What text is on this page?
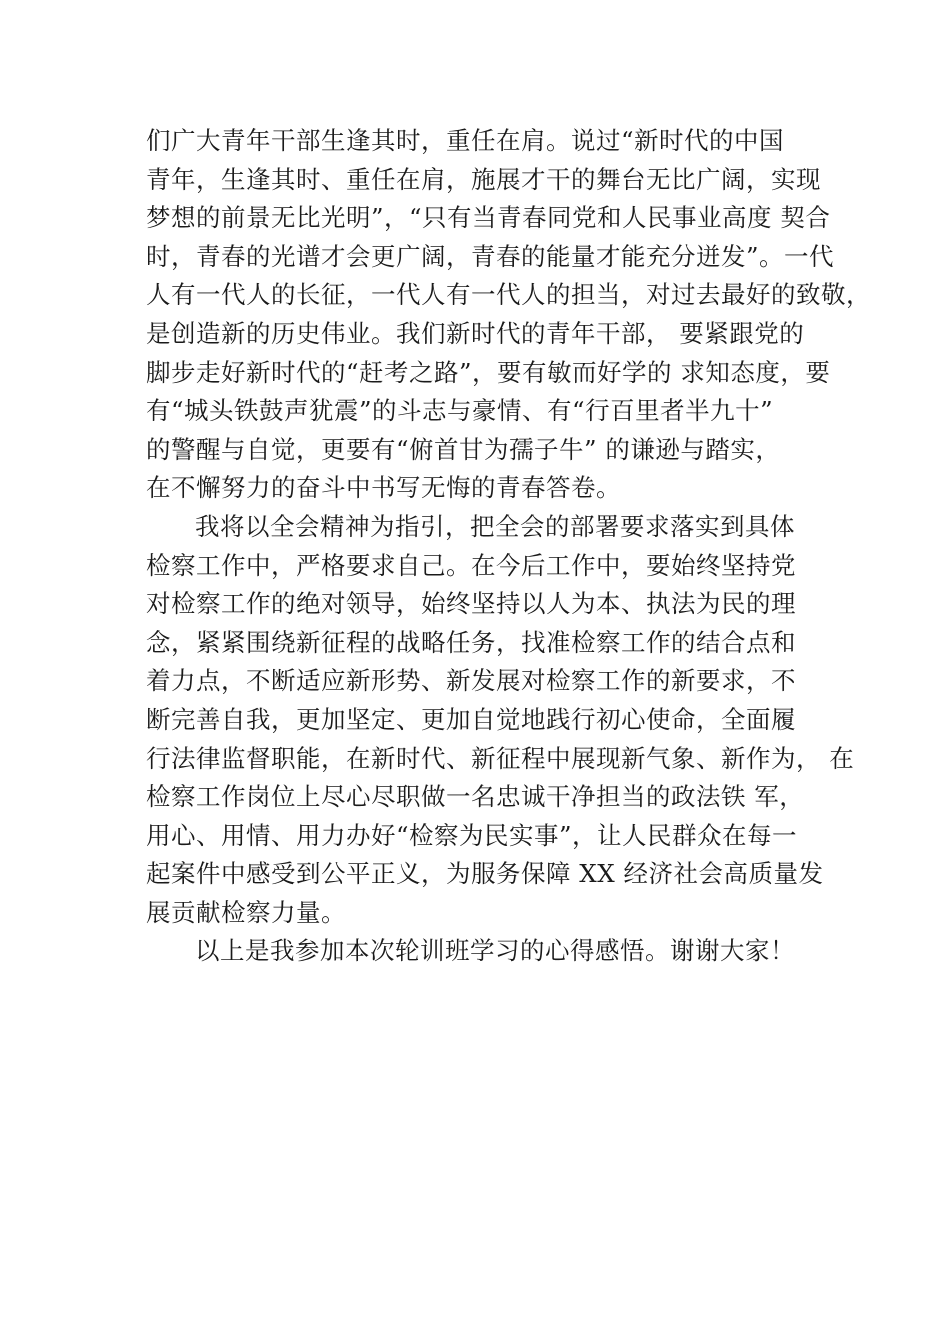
们广大青年干部生逢其时，重任在肩。说过“新时代的中国
青年，生逢其时、重任在肩，施展才干的舞台无比广阔，实现
梦想的前景无比光明”，“只有当青春同党和人民事业高度 契合
时，青春的光谱才会更广阔，青春的能量才能充分迸发”。一代
人有一代人的长征，一代人有一代人的担当，对过去最好的致敬，
是创造新的历史伟业。我们新时代的青年干部， 要紧跟党的
脚步走好新时代的“赶考之路”，要有敏而好学的 求知态度，要
有“城头铁鼓声犹震”的斗志与豪情、有“行百里者半九十”
的警醒与自觉，更要有“俯首甘为孺子牛” 的谦逊与踏实，
在不懈努力的奋斗中书写无悔的青春答卷。
我将以全会精神为指引，把全会的部署要求落实到具体
检察工作中，严格要求自己。在今后工作中，要始终坚持党
对检察工作的绝对领导，始终坚持以人为本、执法为民的理
念，紧紧围绕新征程的战略任务，找准检察工作的结合点和
着力点，不断适应新形势、新发展对检察工作的新要求，不
断完善自我，更加坚定、更加自觉地践行初心使命，全面履
行法律监督职能，在新时代、新征程中展现新气象、新作为， 在
检察工作岗位上尽心尽职做一名忠诚干净担当的政法铁 军，
用心、用情、用力办好“检察为民实事”，让人民群众在每一
起案件中感受到公平正义，为服务保障 XX 经济社会高质量发
展贡献检察力量。
以上是我参加本次轮训班学习的心得感悟。谢谢大家！
